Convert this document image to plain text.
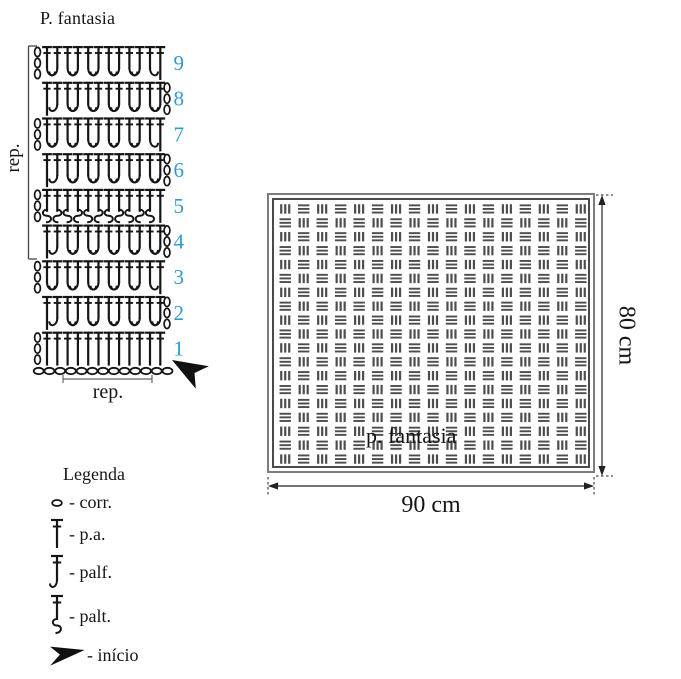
P. fantasia
1
2
3
4
5
6
7
8
9
rep.
rep.
Legenda
- corr.
- p.a.
- palf.
- palt.
- início
p. fantasia
90 cm
80 cm
